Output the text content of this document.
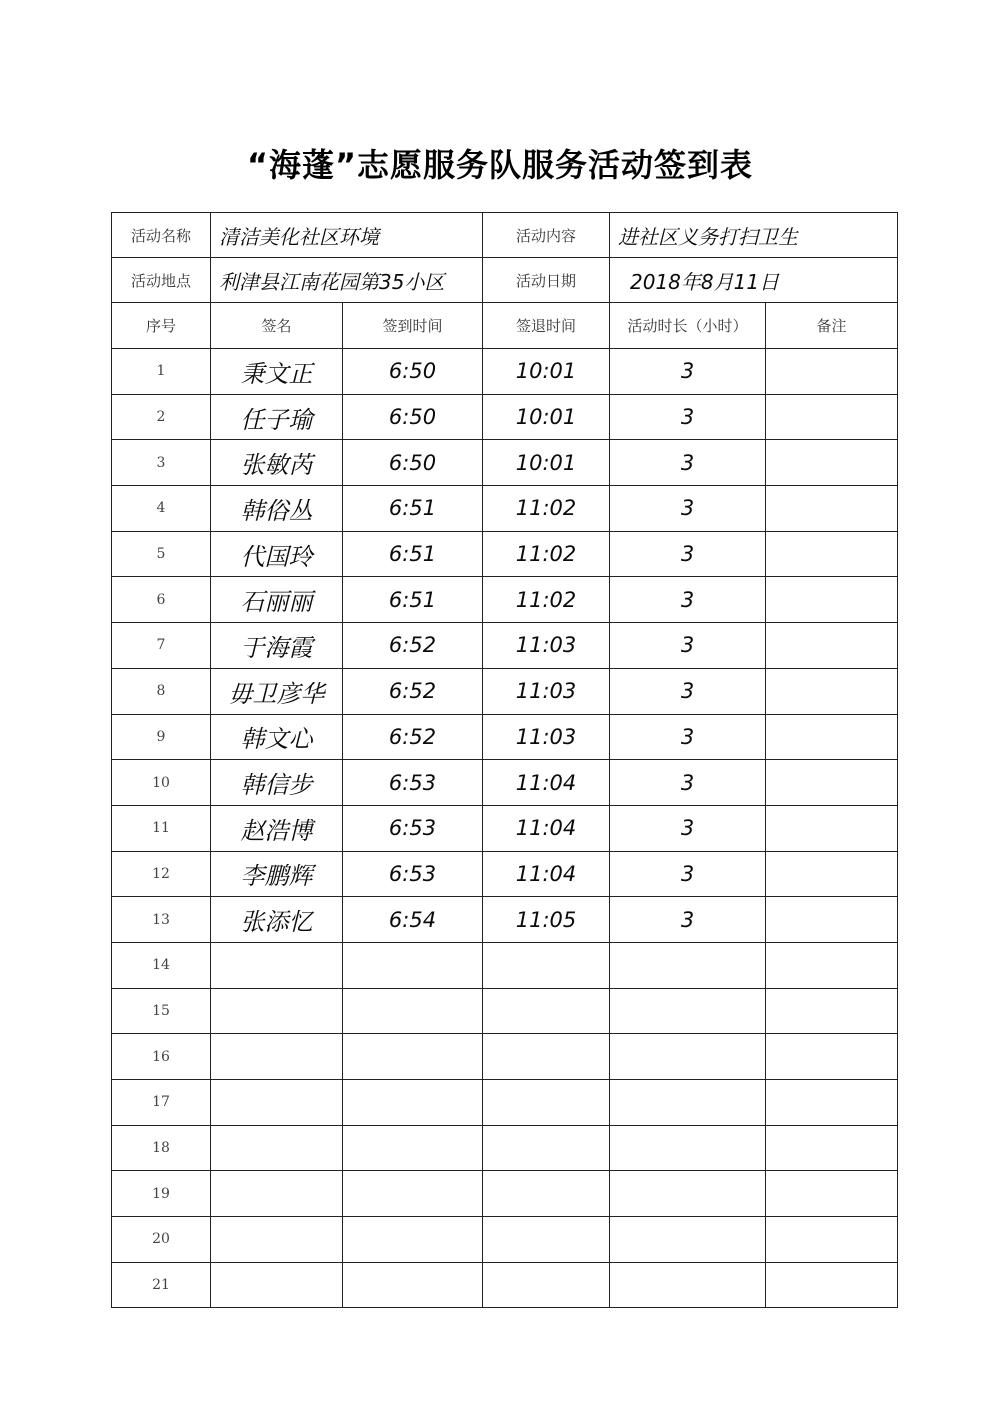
“海蓬”志愿服务队服务活动签到表
活动名称	清洁美化社区环境		活动内容	进社区义务打扫卫生	
活动地点	利津县江南花园第35小区		活动日期	2018年8月11日	
序号	签名	签到时间	签退时间	活动时长（小时）	备注
1	秉文正	6:50	10:01	3	
2	任子瑜	6:50	10:01	3	
3	张敏芮	6:50	10:01	3	
4	韩俗丛	6:51	11:02	3	
5	代国玲	6:51	11:02	3	
6	石丽丽	6:51	11:02	3	
7	于海霞	6:52	11:03	3	
8	毋卫彦华	6:52	11:03	3	
9	韩文心	6:52	11:03	3	
10	韩信步	6:53	11:04	3	
11	赵浩博	6:53	11:04	3	
12	李鹏辉	6:53	11:04	3	
13	张添忆	6:54	11:05	3	
14					
15					
16					
17					
18					
19					
20					
21					
